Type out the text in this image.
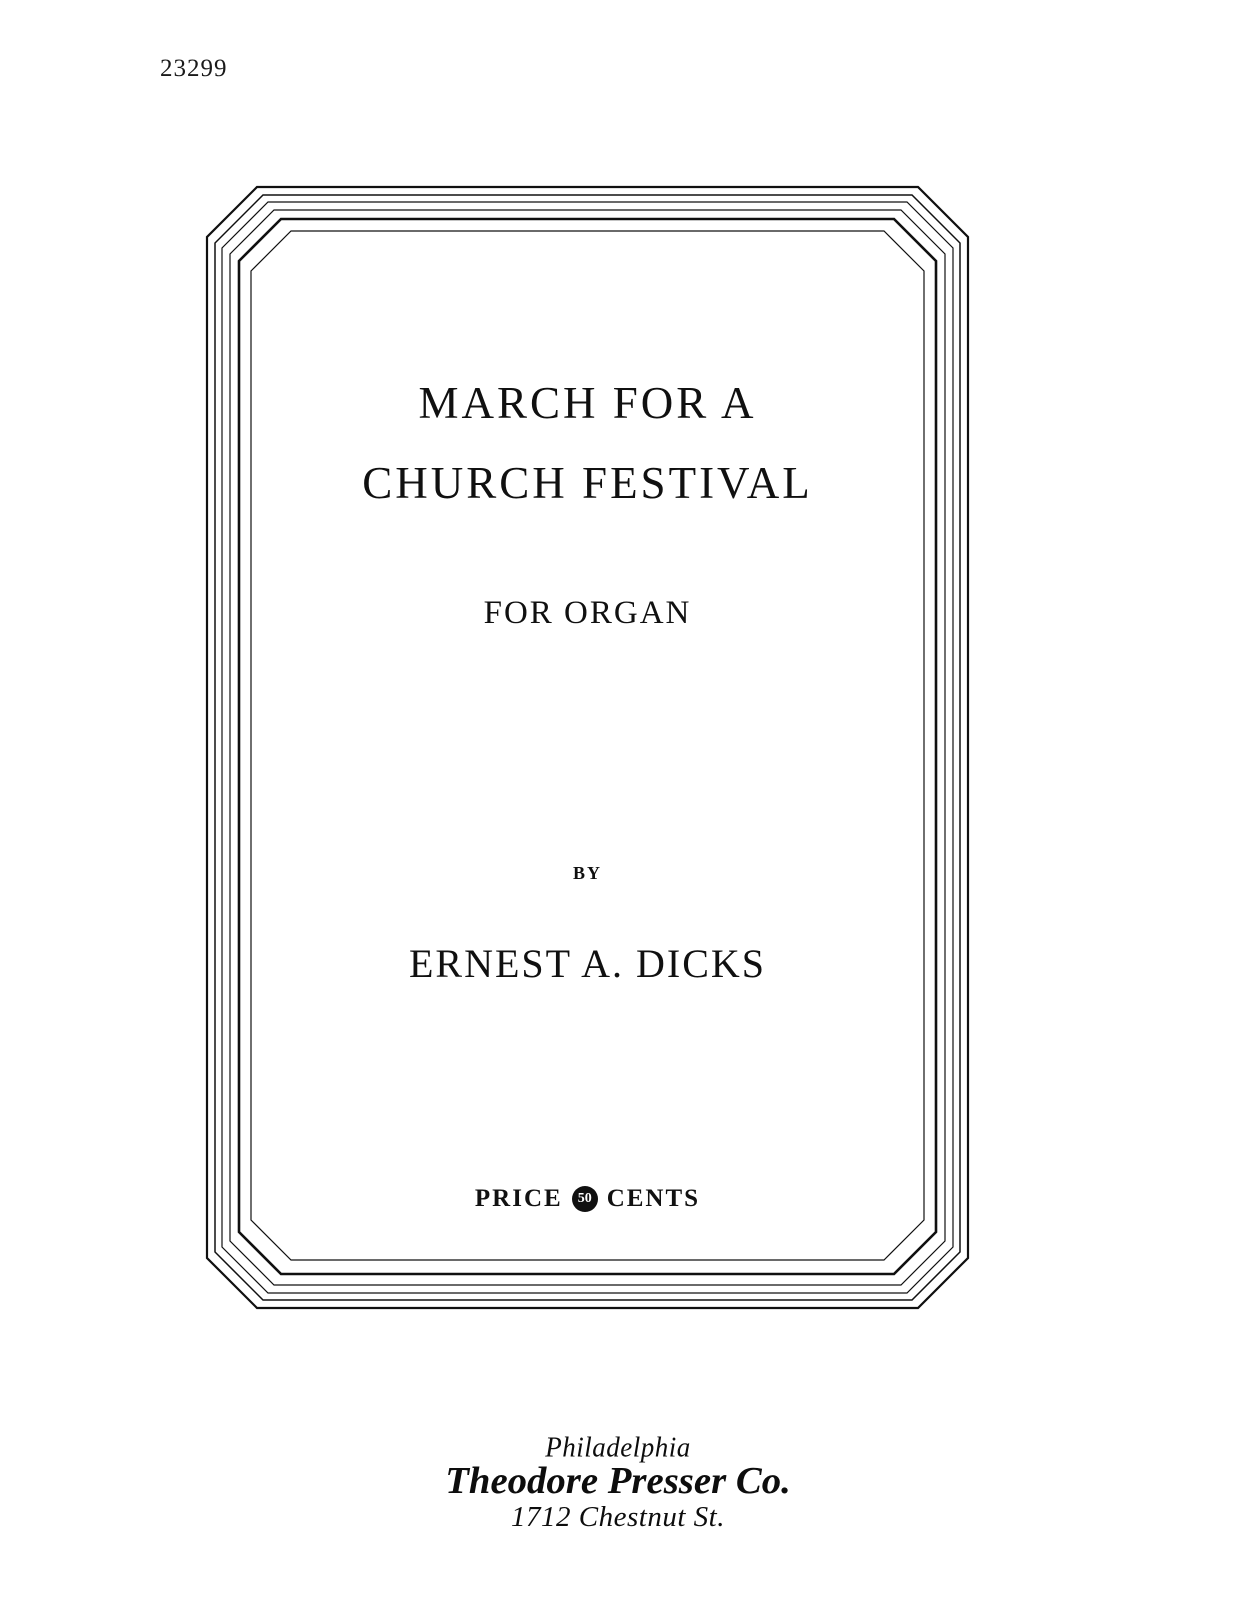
23299
MARCH FOR A
CHURCH FESTIVAL
FOR ORGAN
BY
ERNEST A. DICKS
PRICE	50 CENTS
Philadelphia
Theodore Presser Co.
1712 Chestnut St.
